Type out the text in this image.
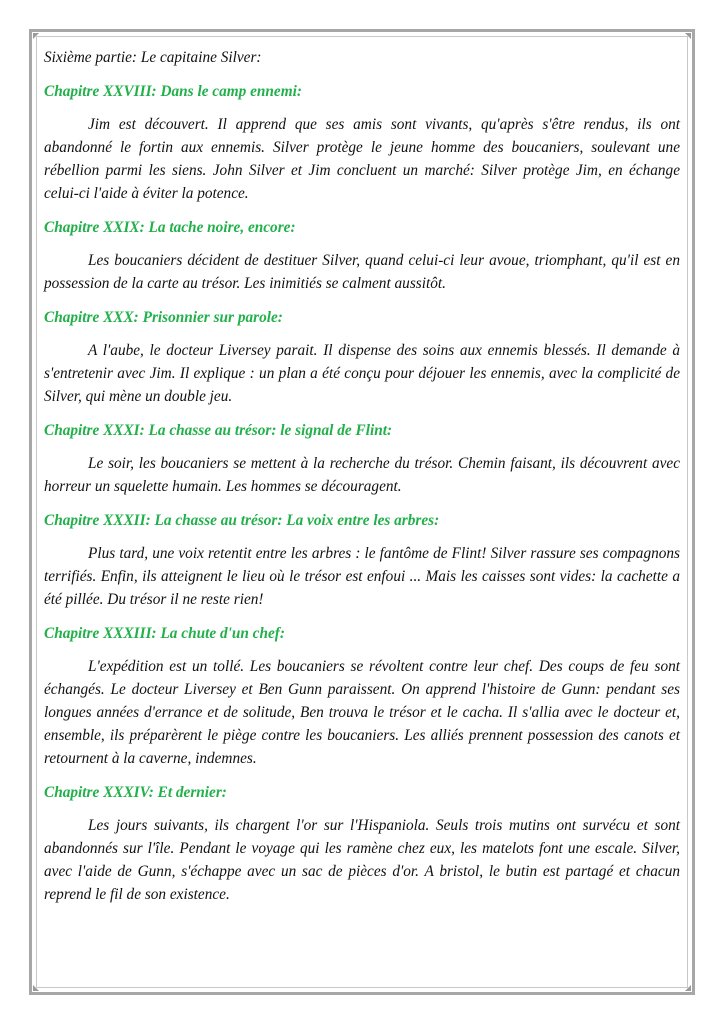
Sixième partie: Le capitaine Silver:

Chapitre XXVIII: Dans le camp ennemi:

Jim est découvert. Il apprend que ses amis sont vivants, qu'après s'être rendus, ils ont abandonné le fortin aux ennemis. Silver protège le jeune homme des boucaniers, soulevant une rébellion parmi les siens. John Silver et Jim concluent un marché: Silver protège Jim, en échange celui-ci l'aide à éviter la potence.

Chapitre XXIX: La tache noire, encore:

Les boucaniers décident de destituer Silver, quand celui-ci leur avoue, triomphant, qu'il est en possession de la carte au trésor. Les inimitiés se calment aussitôt.

Chapitre XXX: Prisonnier sur parole:

A l'aube, le docteur Liversey parait. Il dispense des soins aux ennemis blessés. Il demande à s'entretenir avec Jim. Il explique : un plan a été conçu pour déjouer les ennemis, avec la complicité de Silver, qui mène un double jeu.

Chapitre XXXI: La chasse au trésor: le signal de Flint:

Le soir, les boucaniers se mettent à la recherche du trésor. Chemin faisant, ils découvrent avec horreur un squelette humain. Les hommes se découragent.

Chapitre XXXII: La chasse au trésor: La voix entre les arbres:

Plus tard, une voix retentit entre les arbres : le fantôme de Flint! Silver rassure ses compagnons terrifiés. Enfin, ils atteignent le lieu où le trésor est enfoui ... Mais les caisses sont vides: la cachette a été pillée. Du trésor il ne reste rien!

Chapitre XXXIII: La chute d'un chef:

L'expédition est un tollé. Les boucaniers se révoltent contre leur chef. Des coups de feu sont échangés. Le docteur Liversey et Ben Gunn paraissent. On apprend l'histoire de Gunn: pendant ses longues années d'errance et de solitude, Ben trouva le trésor et le cacha. Il s'allia avec le docteur et, ensemble, ils préparèrent le piège contre les boucaniers. Les alliés prennent possession des canots et retournent à la caverne, indemnes.

Chapitre XXXIV: Et dernier:

Les jours suivants, ils chargent l'or sur l'Hispaniola. Seuls trois mutins ont survécu et sont abandonnés sur l'île. Pendant le voyage qui les ramène chez eux, les matelots font une escale. Silver, avec l'aide de Gunn, s'échappe avec un sac de pièces d'or. A bristol, le butin est partagé et chacun reprend le fil de son existence.
